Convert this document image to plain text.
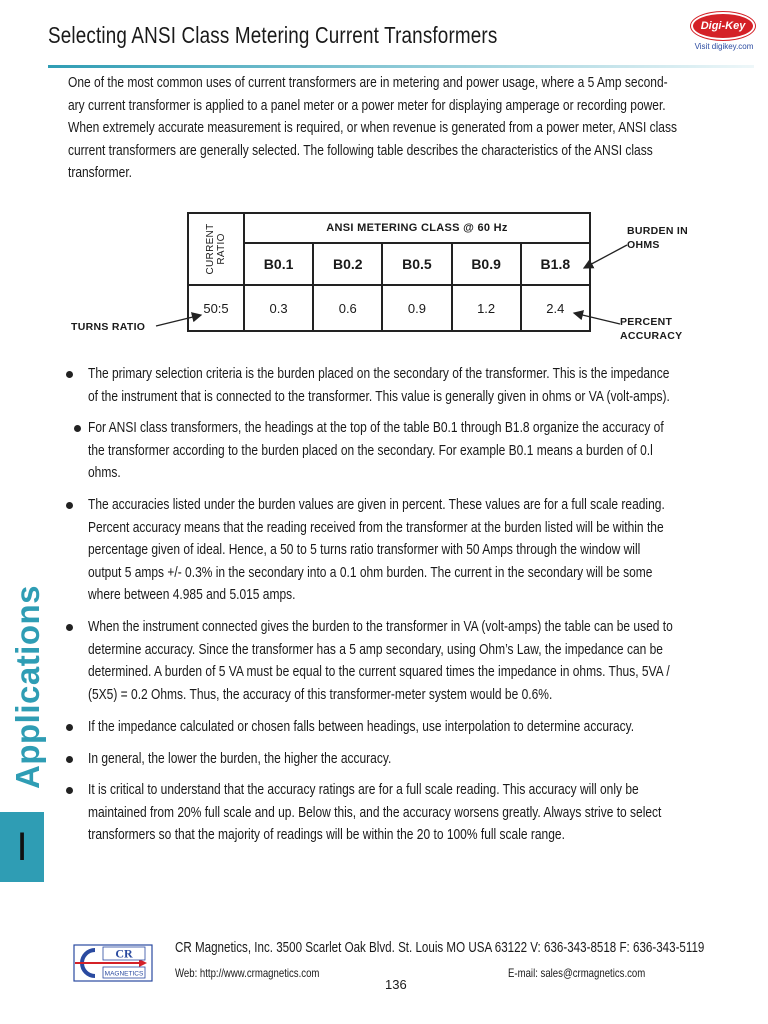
Selecting ANSI Class Metering Current Transformers	Digi-Key
Visit digikey.com
One of the most common uses of current transformers are in metering and power usage, where a 5 Amp second-
ary current transformer is applied to a panel meter or a power meter for displaying amperage or recording power.
When extremely accurate measurement is required, or when revenue is generated from a power meter, ANSI class
current transformers are generally selected. The following table describes the characteristics of the ANSI class
transformer.
CURRENT RATIO	ANSI METERING CLASS @ 60 Hz				
	B0.1	B0.2	B0.5	B0.9	B1.8
50:5	0.3	0.6	0.9	1.2	2.4
BURDEN IN
OHMS
TURNS RATIO	PERCENT
ACCURACY
The primary selection criteria is the burden placed on the secondary of the transformer. This is the impedance
of the instrument that is connected to the transformer. This value is generally given in ohms or VA (volt-amps).
For ANSI class transformers, the headings at the top of the table B0.1 through B1.8 organize the accuracy of
the transformer according to the burden placed on the secondary. For example B0.1 means a burden of 0.l
ohms.
The accuracies listed under the burden values are given in percent. These values are for a full scale reading.
Percent accuracy means that the reading received from the transformer at the burden listed will be within the
percentage given of ideal. Hence, a 50 to 5 turns ratio transformer with 50 Amps through the window will
output 5 amps +/- 0.3% in the secondary into a 0.1 ohm burden. The current in the secondary will be some
where between 4.985 and 5.015 amps.
When the instrument connected gives the burden to the transformer in VA (volt-amps) the table can be used to
determine accuracy. Since the transformer has a 5 amp secondary, using Ohm’s Law, the impedance can be
determined. A burden of 5 VA must be equal to the current squared times the impedance in ohms. Thus, 5VA /
(5X5) = 0.2 Ohms. Thus, the accuracy of this transformer-meter system would be 0.6%.
If the impedance calculated or chosen falls between headings, use interpolation to determine accuracy.
In general, the lower the burden, the higher the accuracy.
It is critical to understand that the accuracy ratings are for a full scale reading. This accuracy will only be
maintained from 20% full scale and up. Below this, and the accuracy worsens greatly. Always strive to select
transformers so that the majority of readings will be within the 20 to 100% full scale range.
Applications
I
CR
MAGNETICS
CR Magnetics, Inc. 3500 Scarlet Oak Blvd. St. Louis MO USA 63122 V: 636-343-8518 F: 636-343-5119
Web: http://www.crmagnetics.com	E-mail: sales@crmagnetics.com
136
